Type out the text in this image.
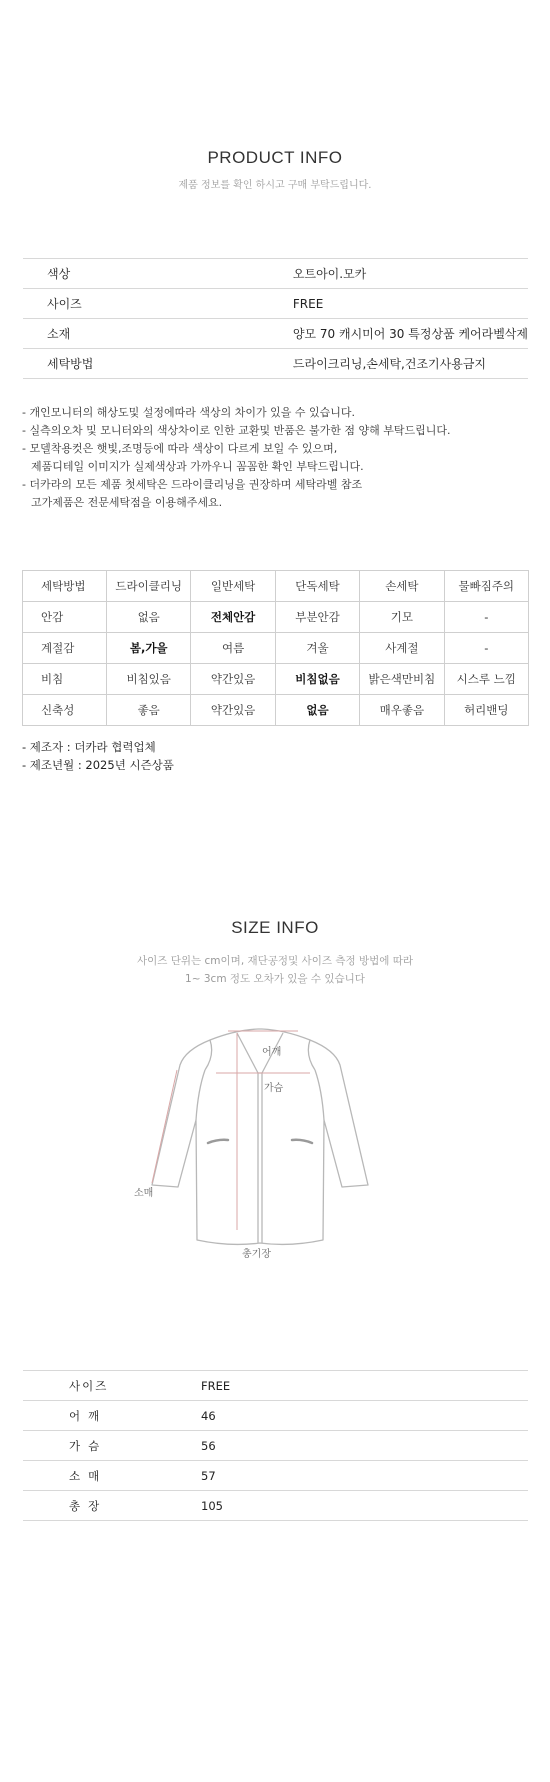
PRODUCT INFO
제품 정보를 확인 하시고 구매 부탁드립니다.
색상	오트아이.모카
사이즈	FREE
소재	양모 70 캐시미어 30 특정상품 케어라벨삭제
세탁방법	드라이크리닝,손세탁,건조기사용금지
- 개인모니터의 해상도및 설정에따라 색상의 차이가 있을 수 있습니다.
- 실측의오차 및 모니터와의 색상차이로 인한 교환및 반품은 불가한 점 양해 부탁드립니다.
- 모델착용컷은 햇빛,조명등에 따라 색상이 다르게 보일 수 있으며,
제품디테일 이미지가 실제색상과 가까우니 꼼꼼한 확인 부탁드립니다.
- 더카라의 모든 제품 첫세탁은 드라이클리닝을 권장하며 세탁라벨 참조
고가제품은 전문세탁점을 이용해주세요.
세탁방법	드라이클리닝	일반세탁	단독세탁	손세탁	물빠짐주의
안감	없음	전체안감	부분안감	기모	-
계절감	봄,가을	여름	겨울	사계절	-
비침	비침있음	약간있음	비침없음	밝은색만비침	시스루 느낌
신축성	좋음	약간있음	없음	매우좋음	허리밴딩
- 제조자 : 더카라 협력업체
- 제조년월 : 2025년 시즌상품
SIZE INFO
사이즈 단위는 cm이며, 재단공정및 사이즈 측정 방법에 따라
1~ 3cm 정도 오차가 있을 수 있습니다
어깨
가슴
소매
총기장
사이즈	FREE
어깨	46
가슴	56
소매	57
총장	105
